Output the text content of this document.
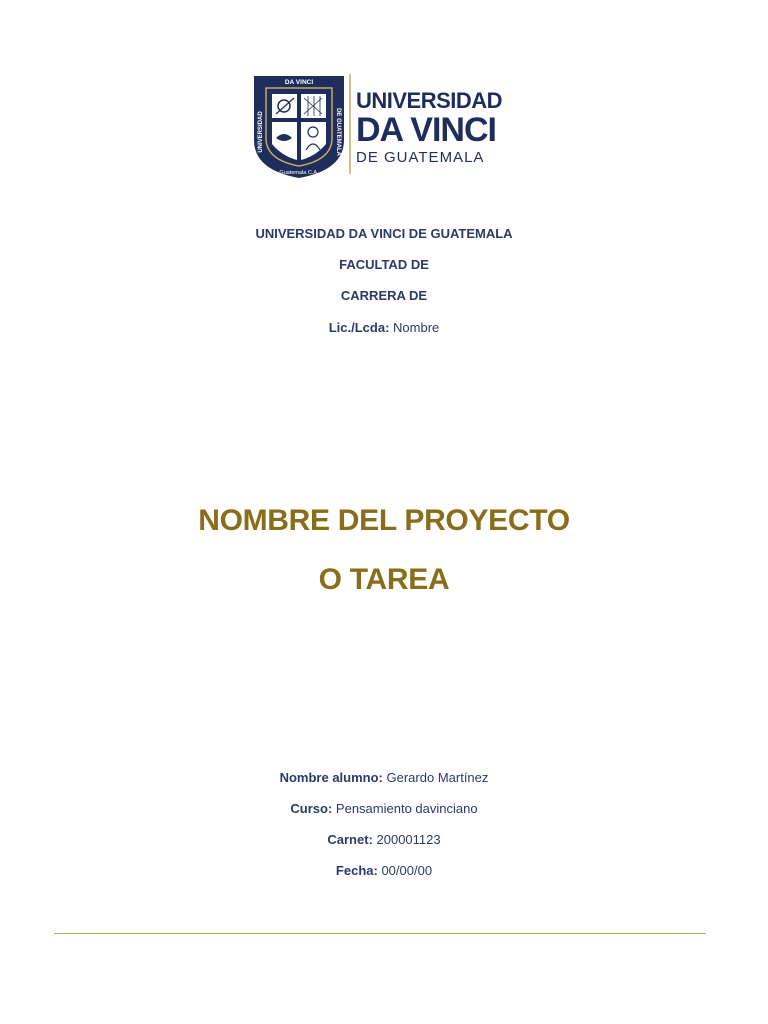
DA VINCI
UNIVERSIDAD	DE GUATEMALA
Guatemala C.A.
UNIVERSIDAD
DA VINCI
DE GUATEMALA
UNIVERSIDAD DA VINCI DE GUATEMALA
FACULTAD DE
CARRERA DE
Lic./Lcda: Nombre
NOMBRE DEL PROYECTO
O TAREA
Nombre alumno: Gerardo Martínez
Curso: Pensamiento davinciano
Carnet: 200001123
Fecha: 00/00/00
